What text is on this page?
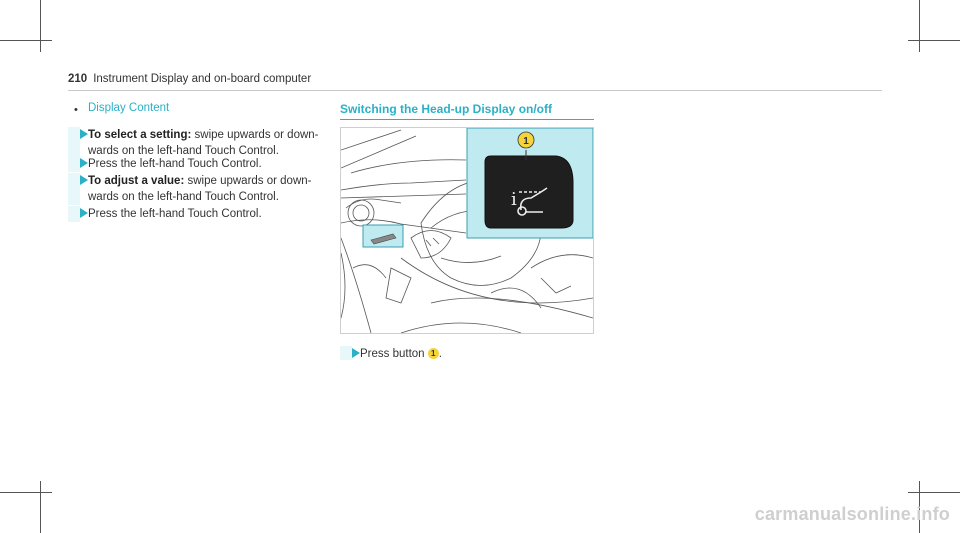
210 Instrument Display and on-board computer
• Display Content
To select a setting: swipe upwards or down-wards on the left-hand Touch Control.
Press the left-hand Touch Control.
To adjust a value: swipe upwards or down-wards on the left-hand Touch Control.
Press the left-hand Touch Control.
Switching the Head-up Display on/off
i
1
Press button 1 .
carmanualsonline.info
